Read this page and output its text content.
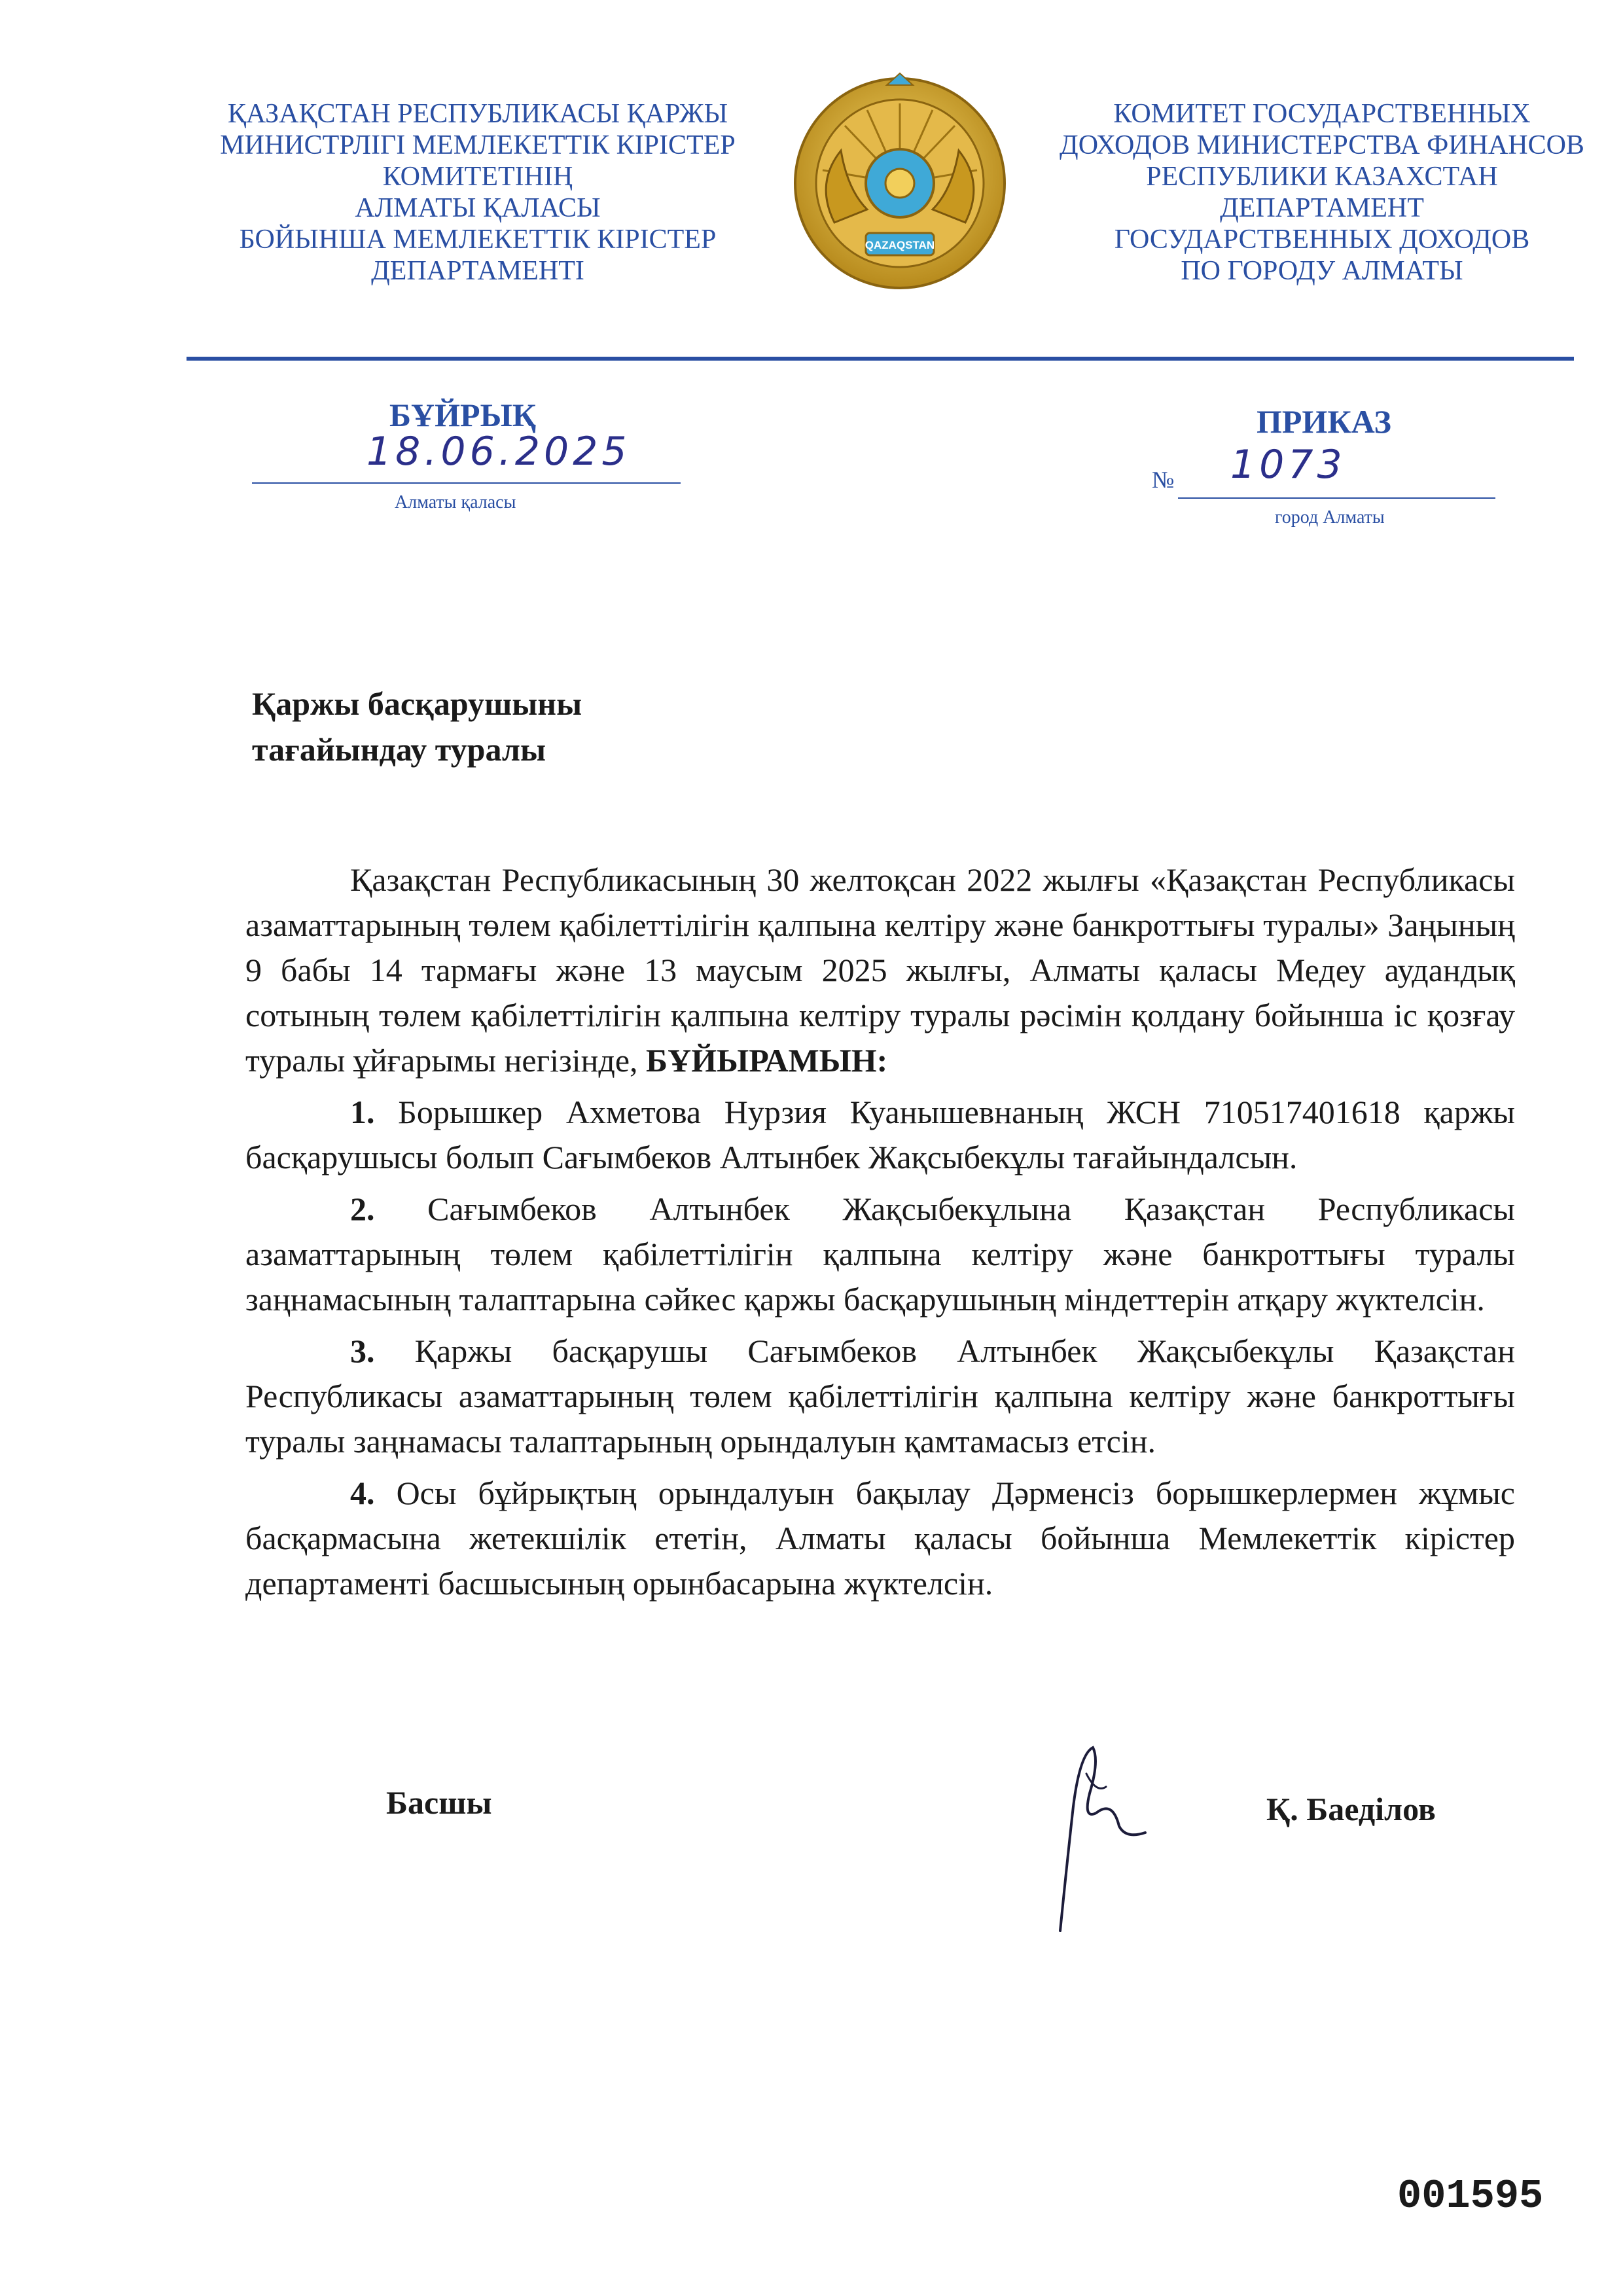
ҚАЗАҚСТАН РЕСПУБЛИКАСЫ ҚАРЖЫ
МИНИСТРЛІГІ МЕМЛЕКЕТТІК КІРІСТЕР
КОМИТЕТІНІҢ
АЛМАТЫ ҚАЛАСЫ
БОЙЫНША МЕМЛЕКЕТТІК КІРІСТЕР
ДЕПАРТАМЕНТІ
QAZAQSTAN
КОМИТЕТ ГОСУДАРСТВЕННЫХ
ДОХОДОВ МИНИСТЕРСТВА ФИНАНСОВ
РЕСПУБЛИКИ КАЗАХСТАН
ДЕПАРТАМЕНТ
ГОСУДАРСТВЕННЫХ ДОХОДОВ
ПО ГОРОДУ АЛМАТЫ
БҰЙРЫҚ	ПРИКАЗ
18.06.2025
Алматы қаласы
№ 1073
город Алматы
Қаржы басқарушыны
тағайындау туралы

Қазақстан Республикасының 30 желтоқсан 2022 жылғы «Қазақстан Республикасы азаматтарының төлем қабілеттілігін қалпына келтіру және банкроттығы туралы» Заңының 9 бабы 14 тармағы және 13 маусым 2025 жылғы, Алматы қаласы Медеу аудандық сотының төлем қабілеттілігін қалпына келтіру туралы рәсімін қолдану бойынша іс қозғау туралы ұйғарымы негізінде, БҰЙЫРАМЫН:

1. Борышкер Ахметова Нурзия Куанышевнаның ЖСН 710517401618 қаржы басқарушысы болып Сағымбеков Алтынбек Жақсыбекұлы тағайындалсын.

2. Сағымбеков Алтынбек Жақсыбекұлына Қазақстан Республикасы азаматтарының төлем қабілеттілігін қалпына келтіру және банкроттығы туралы заңнамасының талаптарына сәйкес қаржы басқарушының міндеттерін атқару жүктелсін.

3. Қаржы басқарушы Сағымбеков Алтынбек Жақсыбекұлы Қазақстан Республикасы азаматтарының төлем қабілеттілігін қалпына келтіру және банкроттығы туралы заңнамасы талаптарының орындалуын қамтамасыз етсін.

4. Осы бұйрықтың орындалуын бақылау Дәрменсіз борышкерлермен жұмыс басқармасына жетекшілік ететін, Алматы қаласы бойынша Мемлекеттік кірістер департаменті басшысының орынбасарына жүктелсін.

Басшы	Қ. Баеділов
001595
